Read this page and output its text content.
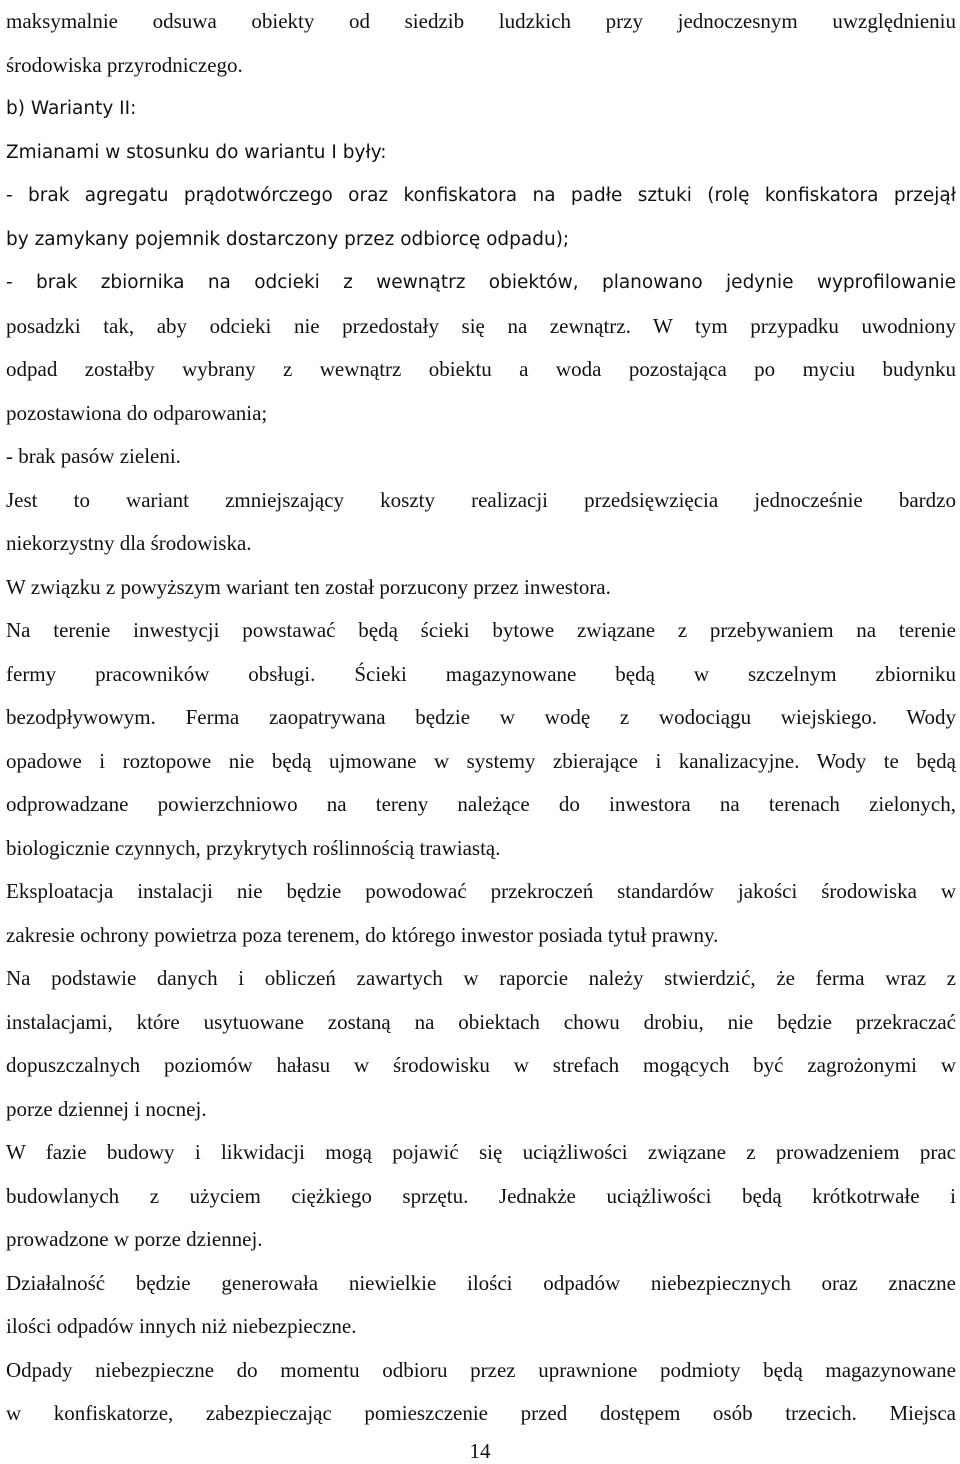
maksymalnie odsuwa obiekty od siedzib ludzkich przy jednoczesnym uwzględnieniu
środowiska przyrodniczego.
b) Warianty II:
Zmianami w stosunku do wariantu I były:
- brak agregatu prądotwórczego oraz konfiskatora na padłe sztuki (rolę konfiskatora przejął
by zamykany pojemnik dostarczony przez odbiorcę odpadu);
- brak zbiornika na odcieki z wewnątrz obiektów, planowano jedynie wyprofilowanie
posadzki tak, aby odcieki nie przedostały się na zewnątrz. W tym przypadku uwodniony
odpad zostałby wybrany z wewnątrz obiektu a woda pozostająca po myciu budynku
pozostawiona do odparowania;
- brak pasów zieleni.
Jest to wariant zmniejszający koszty realizacji przedsięwzięcia jednocześnie bardzo
niekorzystny dla środowiska.
W związku z powyższym wariant ten został porzucony przez inwestora.
Na terenie inwestycji powstawać będą ścieki bytowe związane z przebywaniem na terenie
fermy pracowników obsługi. Ścieki magazynowane będą w szczelnym zbiorniku
bezodpływowym. Ferma zaopatrywana będzie w wodę z wodociągu wiejskiego. Wody
opadowe i roztopowe nie będą ujmowane w systemy zbierające i kanalizacyjne. Wody te będą
odprowadzane powierzchniowo na tereny należące do inwestora na terenach zielonych,
biologicznie czynnych, przykrytych roślinnością trawiastą.
Eksploatacja instalacji nie będzie powodować przekroczeń standardów jakości środowiska w
zakresie ochrony powietrza poza terenem, do którego inwestor posiada tytuł prawny.
Na podstawie danych i obliczeń zawartych w raporcie należy stwierdzić, że ferma wraz z
instalacjami, które usytuowane zostaną na obiektach chowu drobiu, nie będzie przekraczać
dopuszczalnych poziomów hałasu w środowisku w strefach mogących być zagrożonymi w
porze dziennej i nocnej.
W fazie budowy i likwidacji mogą pojawić się uciążliwości związane z prowadzeniem prac
budowlanych z użyciem ciężkiego sprzętu. Jednakże uciążliwości będą krótkotrwałe i
prowadzone w porze dziennej.
Działalność będzie generowała niewielkie ilości odpadów niebezpiecznych oraz znaczne
ilości odpadów innych niż niebezpieczne.
Odpady niebezpieczne do momentu odbioru przez uprawnione podmioty będą magazynowane
w konfiskatorze, zabezpieczając pomieszczenie przed dostępem osób trzecich. Miejsca
14
